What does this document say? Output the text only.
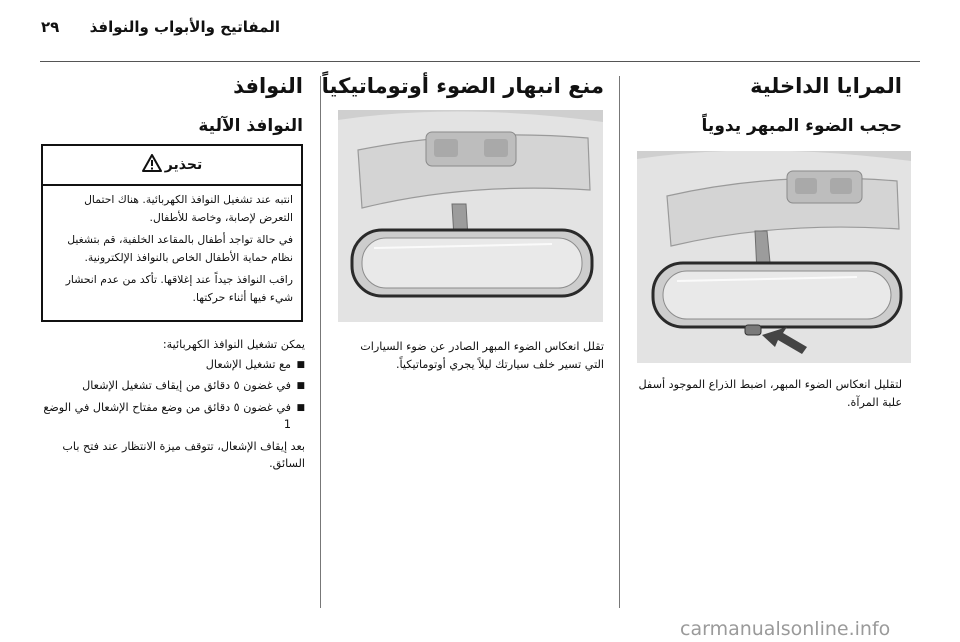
٢٩ المفاتيح والأبواب والنوافذ
المرايا الداخلية
حجب الضوء المبهر يدوياً

لتقليل انعكاس الضوء المبهر، اضبط الذراع الموجود أسفل علبة المرآة.

منع انبهار الضوء أوتوماتيكياً

تقلل انعكاس الضوء المبهر الصادر عن ضوء السيارات التي تسير خلف سيارتك ليلاً يجري أوتوماتيكياً.

النوافذ
النوافذ الآلية
تحذير

انتبه عند تشغيل النوافذ الكهربائية. هناك احتمال التعرض لإصابة، وخاصة للأطفال.

في حالة تواجد أطفال بالمقاعد الخلفية، قم بتشغيل نظام حماية الأطفال الخاص بالنوافذ الإلكترونية.

راقب النوافذ جيداً عند إغلاقها. تأكد من عدم انحشار شيء فيها أثناء حركتها.

يمكن تشغيل النوافذ الكهربائية:

■
مع تشغيل الإشعال
■
في غضون ٥ دقائق من إيقاف تشغيل الإشعال
■
في غضون ٥ دقائق من وضع مفتاح الإشعال في الوضع 1

بعد إيقاف الإشعال، تتوقف ميزة الانتظار عند فتح باب السائق.

carmanualsonline.info
